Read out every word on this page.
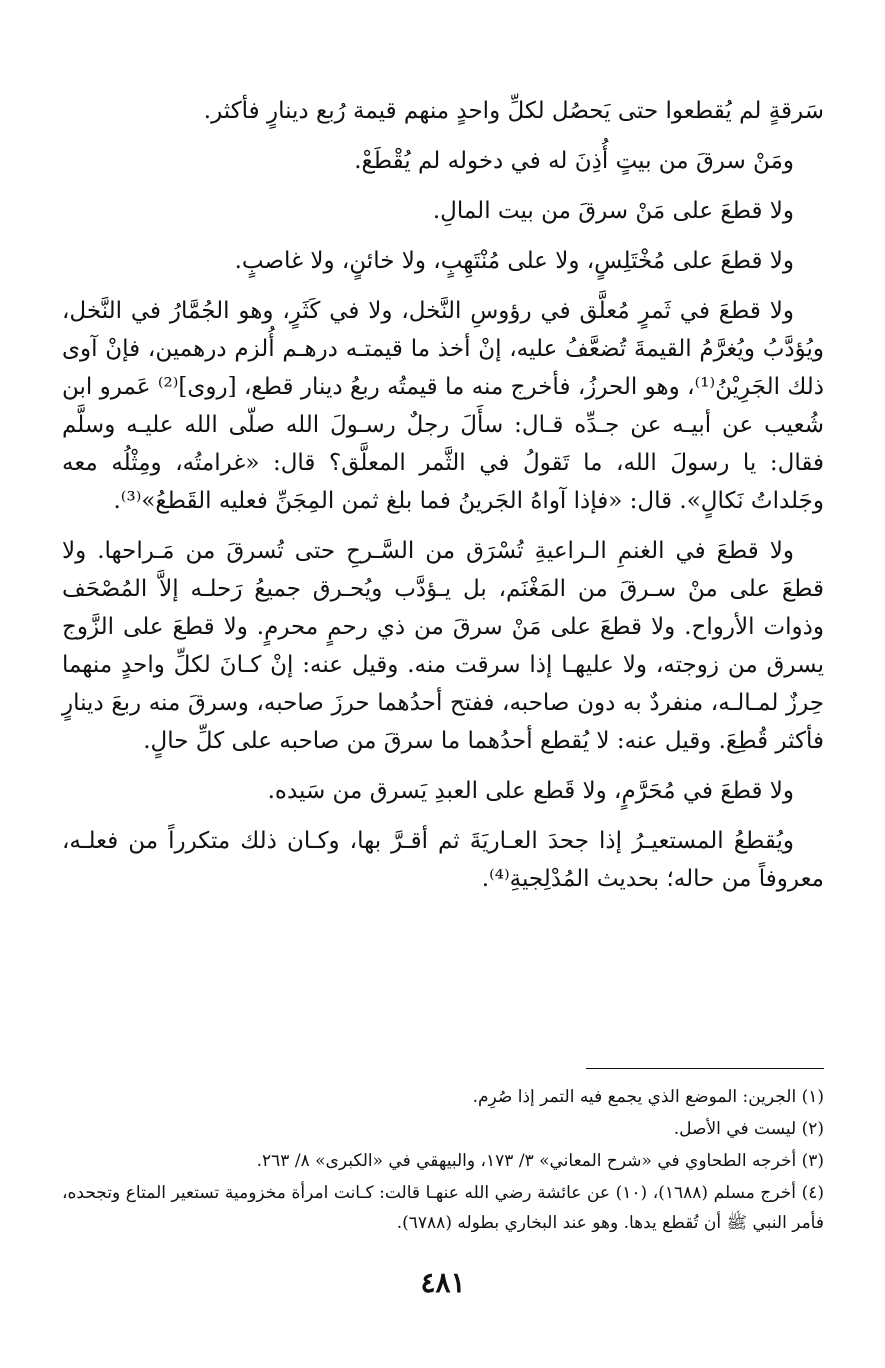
سَرقةٍ لم يُقطعوا حتى يَحصُل لكلِّ واحدٍ منهم قيمة رُبع دينارٍ فأكثر.

ومَنْ سرقَ من بيتٍ أُذِنَ له في دخوله لم يُقْطَعْ.

ولا قطعَ على مَنْ سرقَ من بيت المالِ.

ولا قطعَ على مُخْتَلِسٍ، ولا على مُنْتَهِبٍ، ولا خائنٍ، ولا غاصبٍ.

ولا قطعَ في ثَمرٍ مُعلَّق في رؤوسِ النَّخل، ولا في كَثَرٍ، وهو الجُمَّارُ في النَّخل، ويُؤدَّبُ ويُغرَّمُ القيمةَ تُضعَّفُ عليه، إنْ أخذ ما قيمتـه درهـم أُلزم درهمين، فإنْ آوى ذلك الجَرِيْنُ⁽¹⁾، وهو الحرزُ، فأخرج منه ما قيمتُه ربعُ دينار قطع، [روى]⁽²⁾ عَمرو ابن شُعيب عن أبيـه عن جـدِّه قـال: سأَلَ رجلٌ رسـولَ الله صلّى الله عليـه وسلَّم فقال: يا رسولَ الله، ما تَقولُ في الثَّمر المعلَّق؟ قال: «غرامتُه، ومِثْلُه معه وجَلداتُ نَكالٍ». قال: «فإذا آواهُ الجَرينُ فما بلغ ثمن المِجَنِّ فعليه القَطعُ»⁽³⁾.

ولا قطعَ في الغنمِ الـراعيةِ تُسْرَق من السَّـرحِ حتى تُسرقَ من مَـراحها. ولا قطعَ على منْ سـرقَ من المَغْنَم، بل يـؤدَّب ويُحـرق جميعُ رَحلـه إلاَّ المُصْحَف وذوات الأرواح. ولا قطعَ على مَنْ سرقَ من ذي رحمٍ محرمٍ. ولا قطعَ على الزَّوج يسرق من زوجته، ولا عليهـا إذا سرقت منه. وقيل عنه: إنْ كـانَ لكلِّ واحدٍ منهما حِرزٌ لمـالـه، منفردٌ به دون صاحبه، ففتح أحدُهما حرزَ صاحبه، وسرقَ منه ربعَ دينارٍ فأكثر قُطِعَ. وقيل عنه: لا يُقطع أحدُهما ما سرقَ من صاحبه على كلِّ حالٍ.

ولا قطعَ في مُحَرَّمٍ، ولا قَطع على العبدِ يَسرق من سَيده.

ويُقطعُ المستعيـرُ إذا جحدَ العـاريَةَ ثم أقـرَّ بها، وكـان ذلك متكرراً من فعلـه، معروفاً من حاله؛ بحديث المُدْلِجيةِ⁽⁴⁾.

(١) الجرين: الموضع الذي يجمع فيه التمر إذا صُرِم.

(٢) ليست في الأصل.

(٣) أخرجه الطحاوي في «شرح المعاني» ٣/ ١٧٣، والبيهقي في «الكبرى» ٨/ ٢٦٣.

(٤) أخرج مسلم (١٦٨٨)، (١٠) عن عائشة رضي الله عنهـا قالت: كـانت امرأة مخزومية تستعير المتاع وتجحده، فأمر النبي ﷺ أن تُقطع يدها. وهو عند البخاري بطوله (٦٧٨٨).

٤٨١
